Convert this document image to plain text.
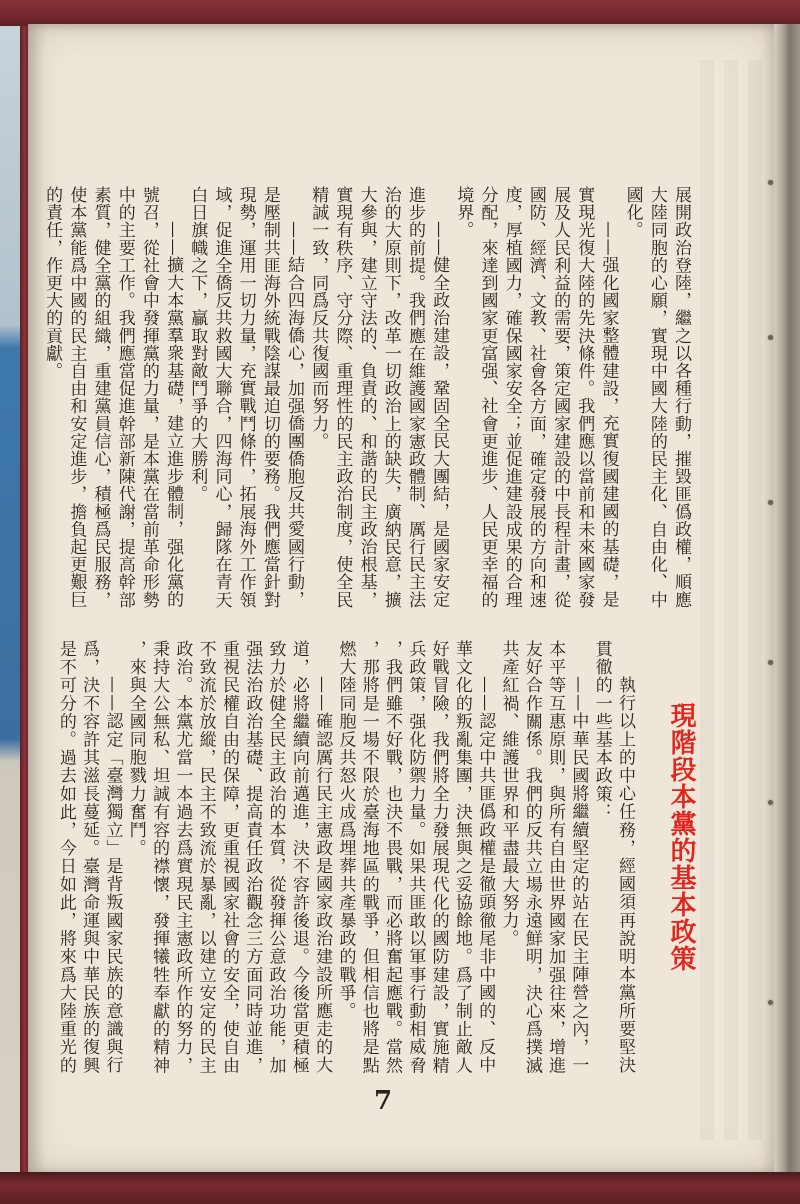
展開政治登陸，繼之以各種行動，摧毀匪僞政權，順應
大陸同胞的心願，實現中國大陸的民主化、自由化、中
國化。
——强化國家整體建設，充實復國建國的基礎，是
實現光復大陸的先決條件。我們應以當前和未來國家發
展及人民利益的需要，策定國家建設的中長程計畫，從
國防、經濟、文教、社會各方面，確定發展的方向和速
度，厚植國力，確保國家安全；並促進建設成果的合理
分配，來達到國家更富强、社會更進步、人民更幸福的
境界。
——健全政治建設，鞏固全民大團結，是國家安定
進步的前提。我們應在維護國家憲政體制、厲行民主法
治的大原則下，改革一切政治上的缺失，廣納民意，擴
大參與，建立守法的、負責的、和諧的民主政治根基，
實現有秩序、守分際、重理性的民主政治制度，使全民
精誠一致，同爲反共復國而努力。
——結合四海僑心，加强僑團僑胞反共愛國行動，
是壓制共匪海外統戰陰謀最迫切的要務。我們應當針對
現勢，運用一切力量，充實戰鬥條件，拓展海外工作領
域，促進全僑反共救國大聯合，四海同心，歸隊在青天
白日旗幟之下，贏取對敵鬥爭的大勝利。
——擴大本黨羣衆基礎，建立進步體制，强化黨的
號召，從社會中發揮黨的力量，是本黨在當前革命形勢
中的主要工作。我們應當促進幹部新陳代謝，提高幹部
素質，健全黨的組織，重建黨員信心，積極爲民服務，
使本黨能爲中國的民主自由和安定進步，擔負起更艱巨
的責任，作更大的貢獻。
現階段本黨的基本政策
執行以上的中心任務，經國須再說明本黨所要堅決
貫徹的一些基本政策：
——中華民國將繼續堅定的站在民主陣營之內，一
本平等互惠原則，與所有自由世界國家加强往來，增進
友好合作關係。我們的反共立場永遠鮮明，決心爲撲滅
共產紅禍、維護世界和平盡最大努力。
——認定中共匪僞政權是徹頭徹尾非中國的、反中
華文化的叛亂集團，決無與之妥協餘地。爲了制止敵人
好戰冒險，我們將全力發展現代化的國防建設，實施精
兵政策，强化防禦力量。如果共匪敢以軍事行動相威脅
，我們雖不好戰，也決不畏戰，而必將奮起應戰。當然
，那將是一場不限於臺海地區的戰爭，但相信也將是點
燃大陸同胞反共怒火成爲埋葬共產暴政的戰爭。
——確認厲行民主憲政是國家政治建設所應走的大
道，必將繼續向前邁進，決不容許後退。今後當更積極
致力於健全民主政治的本質，從發揮公意政治功能，加
强法治政治基礎、提高責任政治觀念三方面同時並進，
重視民權自由的保障，更重視國家社會的安全，使自由
不致流於放縱，民主不致流於暴亂，以建立安定的民主
政治。本黨尤當一本過去爲實現民主憲政所作的努力，
秉持大公無私、坦誠有容的襟懷，發揮犧牲奉獻的精神
，來與全國同胞戮力奮鬥。
——認定「臺灣獨立」是背叛國家民族的意識與行
爲，決不容許其滋長蔓延。臺灣命運與中華民族的復興
是不可分的。過去如此，今日如此，將來爲大陸重光的
7
